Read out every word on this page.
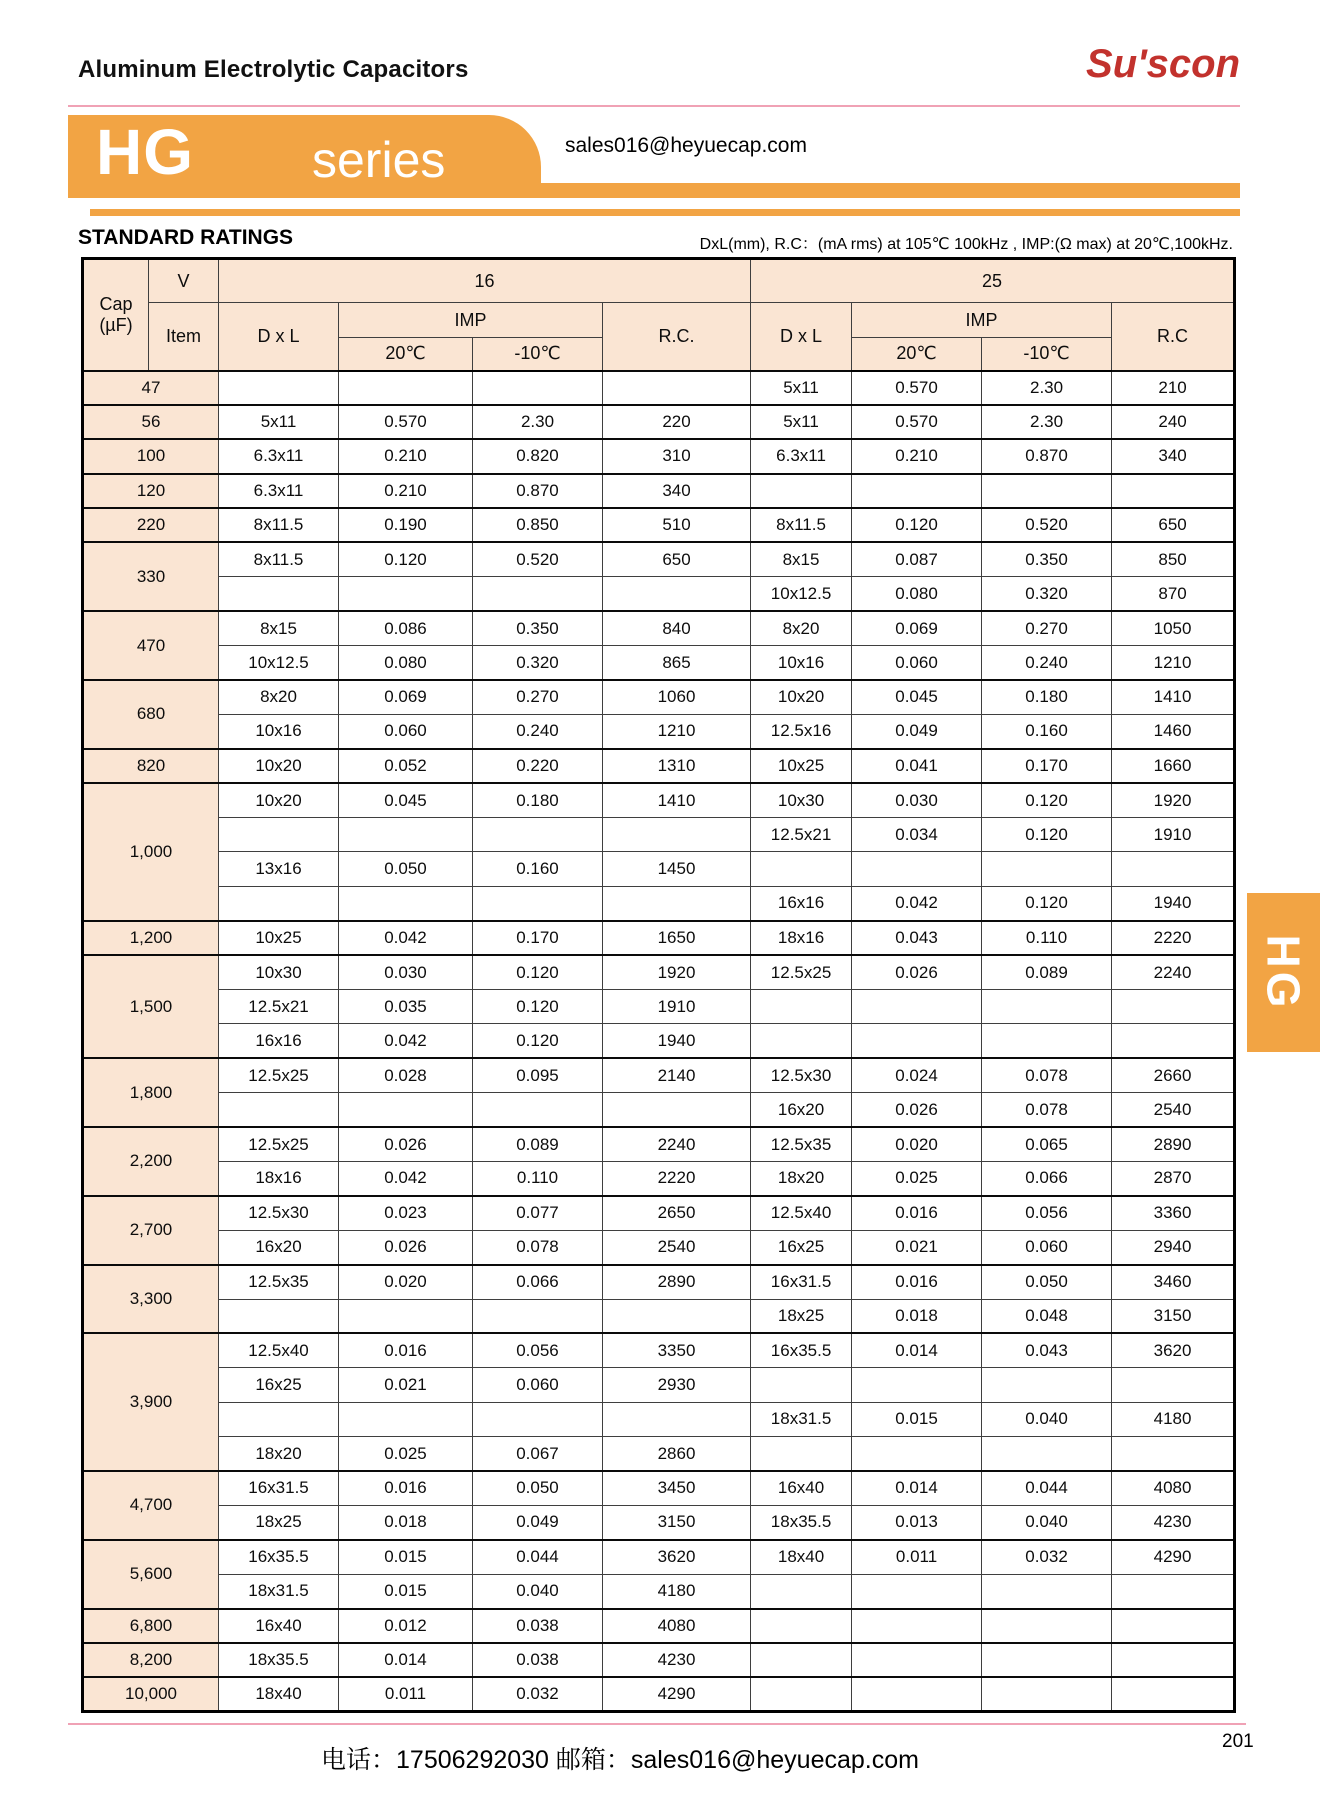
Aluminum Electrolytic Capacitors	Su'scon
HG series	sales016@heyuecap.com
STANDARD RATINGS	DxL(mm), R.C：(mA rms) at 105℃ 100kHz , IMP:(Ω max) at 20℃,100kHz.
Cap
(µF)	V	16				25			
	Item	D x L	IMP		R.C.	D x L	IMP		R.C
			20℃	-10℃			20℃	-10℃	
47						5x11	0.570	2.30	210
56		5x11	0.570	2.30	220	5x11	0.570	2.30	240
100		6.3x11	0.210	0.820	310	6.3x11	0.210	0.870	340
120		6.3x11	0.210	0.870	340				
220		8x11.5	0.190	0.850	510	8x11.5	0.120	0.520	650
330		8x11.5	0.120	0.520	650	8x15	0.087	0.350	850
						10x12.5	0.080	0.320	870
470		8x15	0.086	0.350	840	8x20	0.069	0.270	1050
		10x12.5	0.080	0.320	865	10x16	0.060	0.240	1210
680		8x20	0.069	0.270	1060	10x20	0.045	0.180	1410
		10x16	0.060	0.240	1210	12.5x16	0.049	0.160	1460
820		10x20	0.052	0.220	1310	10x25	0.041	0.170	1660
1,000		10x20	0.045	0.180	1410	10x30	0.030	0.120	1920
						12.5x21	0.034	0.120	1910
		13x16	0.050	0.160	1450				
						16x16	0.042	0.120	1940
1,200		10x25	0.042	0.170	1650	18x16	0.043	0.110	2220
1,500		10x30	0.030	0.120	1920	12.5x25	0.026	0.089	2240
		12.5x21	0.035	0.120	1910				
		16x16	0.042	0.120	1940				
1,800		12.5x25	0.028	0.095	2140	12.5x30	0.024	0.078	2660
						16x20	0.026	0.078	2540
2,200		12.5x25	0.026	0.089	2240	12.5x35	0.020	0.065	2890
		18x16	0.042	0.110	2220	18x20	0.025	0.066	2870
2,700		12.5x30	0.023	0.077	2650	12.5x40	0.016	0.056	3360
		16x20	0.026	0.078	2540	16x25	0.021	0.060	2940
3,300		12.5x35	0.020	0.066	2890	16x31.5	0.016	0.050	3460
						18x25	0.018	0.048	3150
3,900		12.5x40	0.016	0.056	3350	16x35.5	0.014	0.043	3620
		16x25	0.021	0.060	2930				
						18x31.5	0.015	0.040	4180
		18x20	0.025	0.067	2860				
4,700		16x31.5	0.016	0.050	3450	16x40	0.014	0.044	4080
		18x25	0.018	0.049	3150	18x35.5	0.013	0.040	4230
5,600		16x35.5	0.015	0.044	3620	18x40	0.011	0.032	4290
		18x31.5	0.015	0.040	4180				
6,800		16x40	0.012	0.038	4080				
8,200		18x35.5	0.014	0.038	4230				
10,000		18x40	0.011	0.032	4290				
HG
电话：17506292030 邮箱：sales016@heyuecap.com
201
